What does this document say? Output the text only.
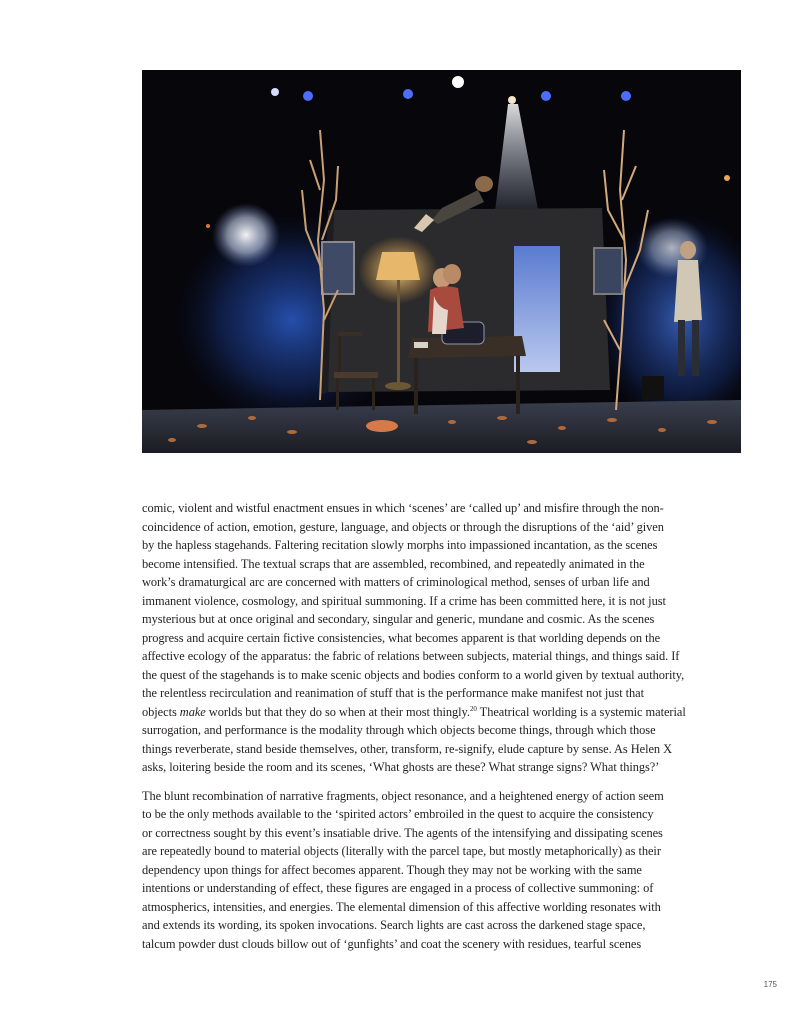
comic, violent and wistful enactment ensues in which ‘scenes’ are ‘called up’ and misfire through the non-
coincidence of action, emotion, gesture, language, and objects or through the disruptions of the ‘aid’ given
by the hapless stagehands. Faltering recitation slowly morphs into impassioned incantation, as the scenes
become intensified. The textual scraps that are assembled, recombined, and repeatedly animated in the
work’s dramaturgical arc are concerned with matters of criminological method, senses of urban life and
immanent violence, cosmology, and spiritual summoning. If a crime has been committed here, it is not just
mysterious but at once original and secondary, singular and generic, mundane and cosmic. As the scenes
progress and acquire certain fictive consistencies, what becomes apparent is that worlding depends on the
affective ecology of the apparatus: the fabric of relations between subjects, material things, and things said. If
the quest of the stagehands is to make scenic objects and bodies conform to a world given by textual authority,
the relentless recirculation and reanimation of stuff that is the performance make manifest not just that
objects make worlds but that they do so when at their most thingly.$^{20}$ Theatrical worlding is a systemic material
surrogation, and performance is the modality through which objects become things, through which those
things reverberate, stand beside themselves, other, transform, re-signify, elude capture by sense. As Helen X
asks, loitering beside the room and its scenes, ‘What ghosts are these? What strange signs? What things?’

The blunt recombination of narrative fragments, object resonance, and a heightened energy of action seem
to be the only methods available to the ‘spirited actors’ embroiled in the quest to acquire the consistency
or correctness sought by this event’s insatiable drive. The agents of the intensifying and dissipating scenes
are repeatedly bound to material objects (literally with the parcel tape, but mostly metaphorically) as their
dependency upon things for affect becomes apparent. Though they may not be working with the same
intentions or understanding of effect, these figures are engaged in a process of collective summoning: of
atmospherics, intensities, and energies. The elemental dimension of this affective worlding resonates with
and extends its wording, its spoken invocations. Search lights are cast across the darkened stage space,
talcum powder dust clouds billow out of ‘gunfights’ and coat the scenery with residues, tearful scenes

175
